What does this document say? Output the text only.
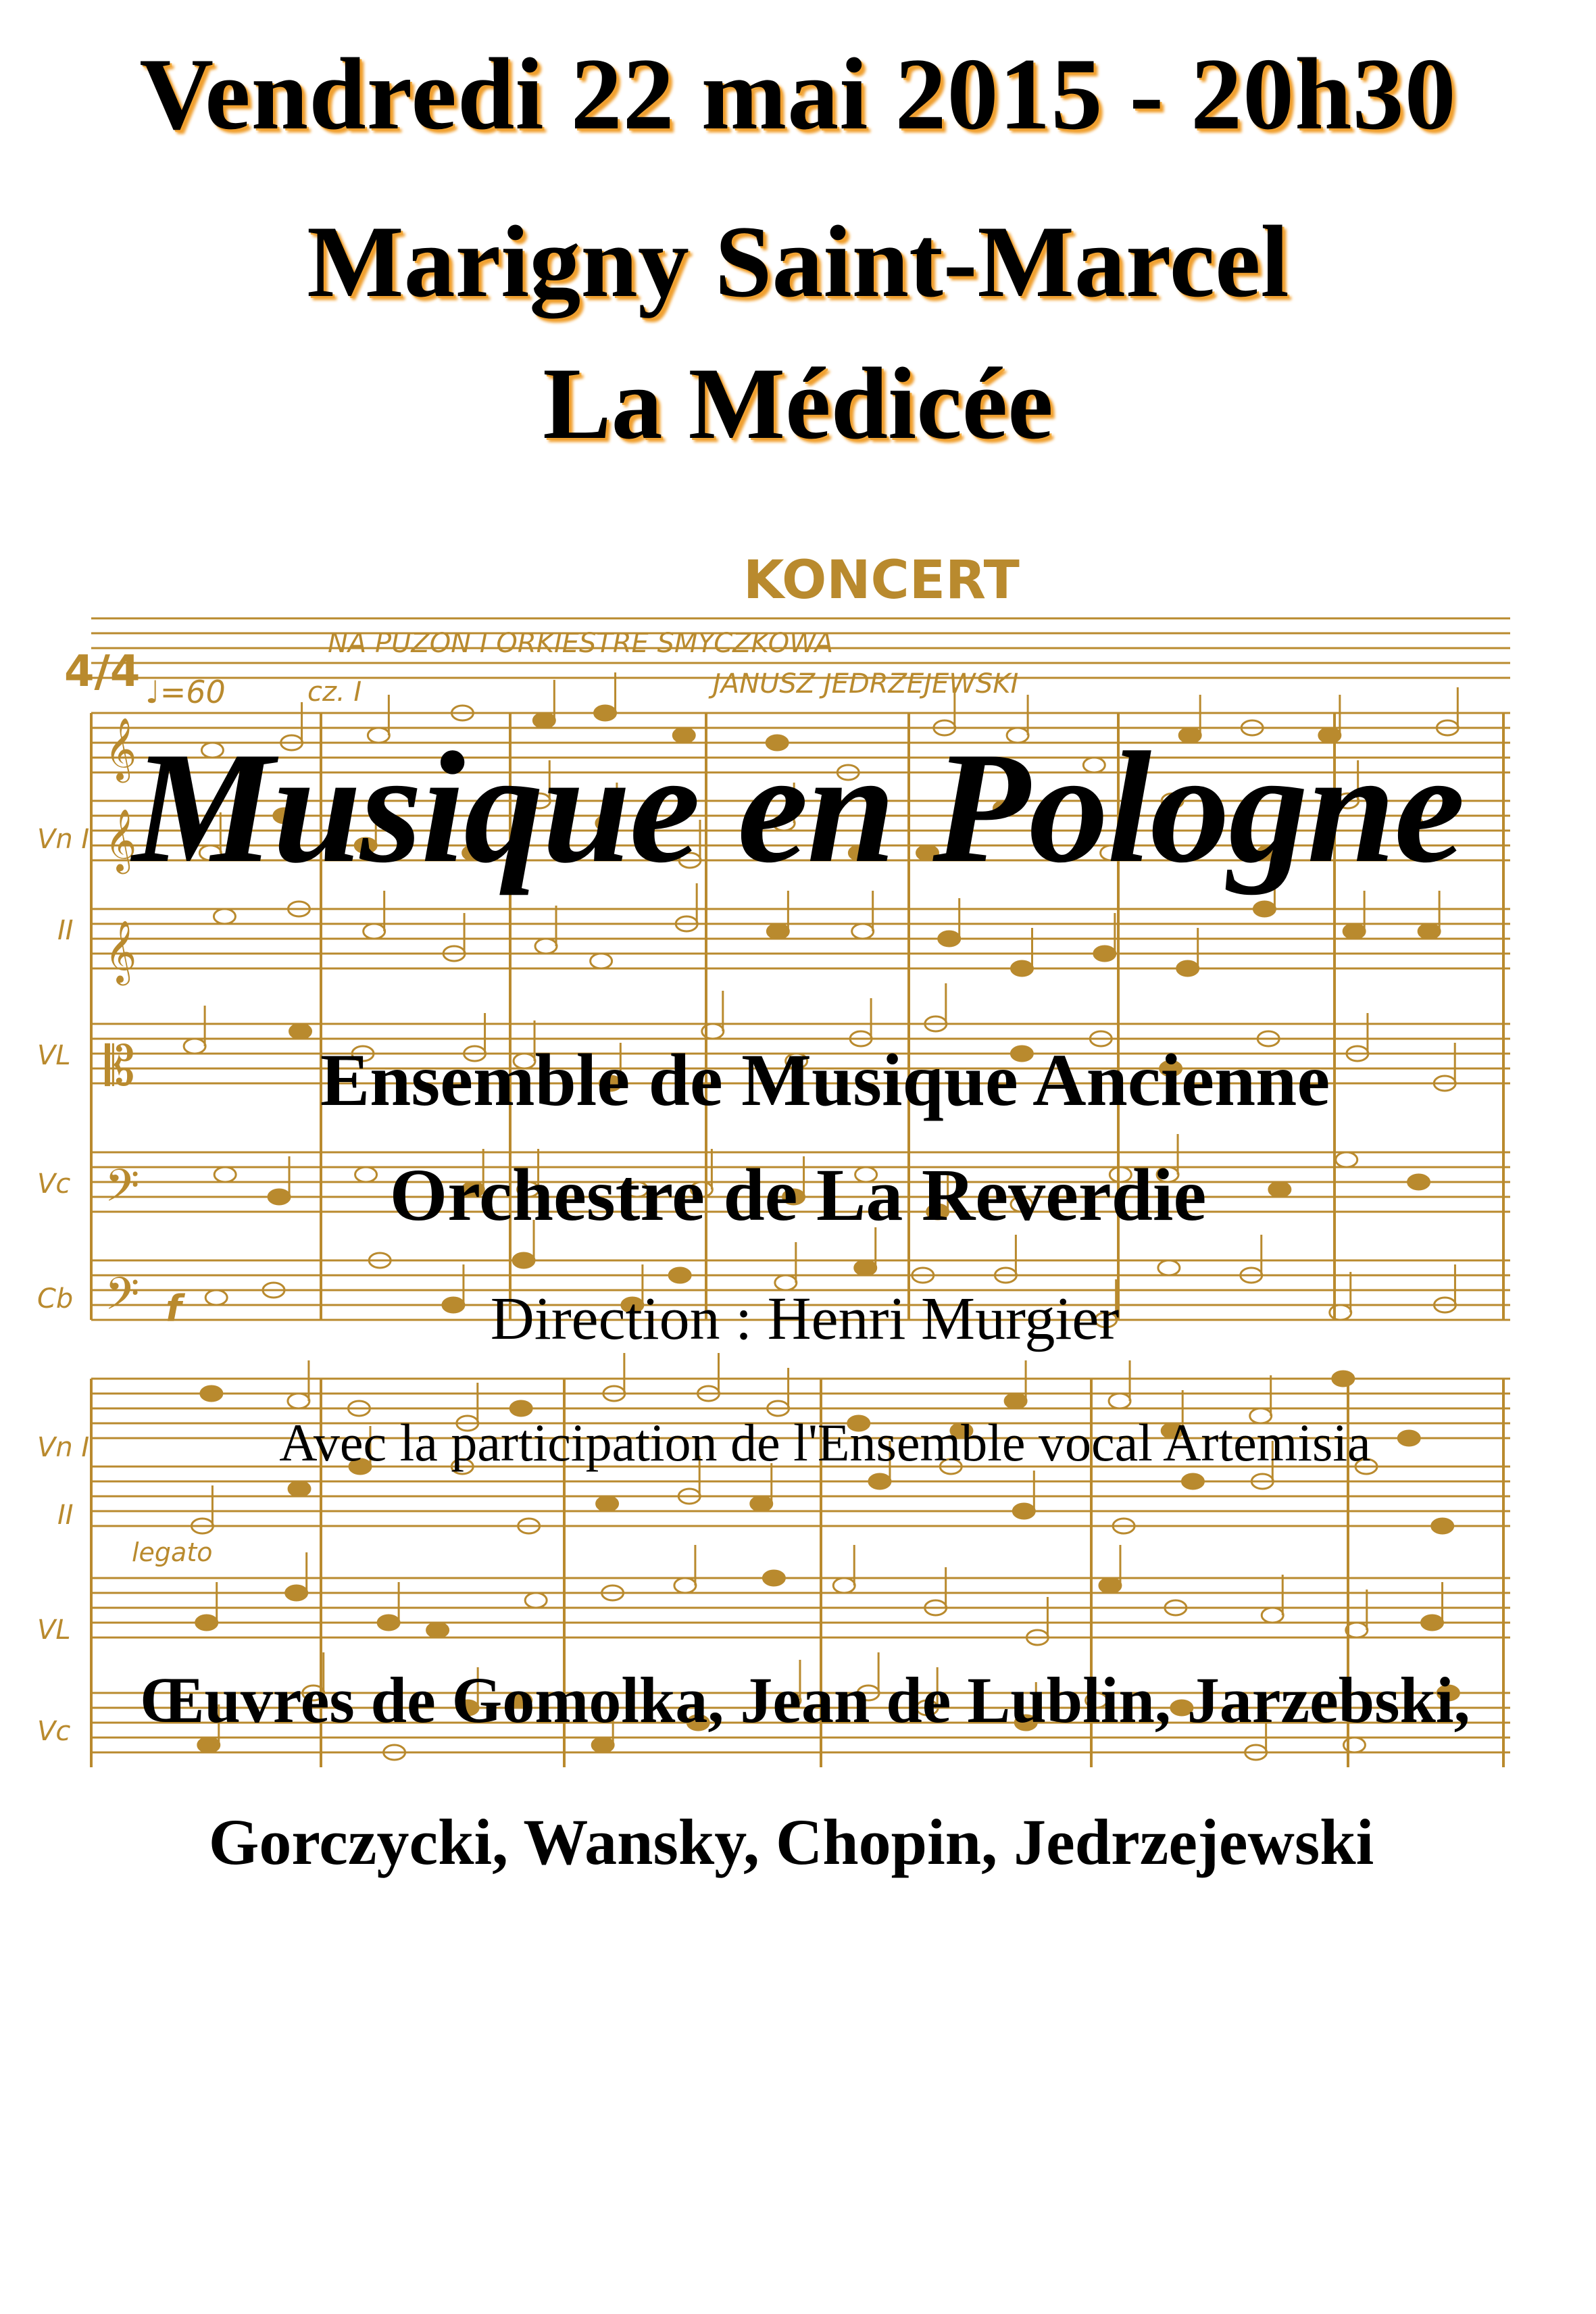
Vendredi 22 mai 2015 - 20h30
Marigny Saint-Marcel
La Médicée
KONCERT
NA PUZON I ORKIESTRE SMYCZKOWA
JANUSZ JEDRZEJEWSKI
♩=60	cz. I
4/4
Vn I
II
VL
Vc
Cb
Vn I
II
VL
Vc
legato
f
𝄞
𝄞
𝄞
𝄡
𝄢
𝄢
Musique en Pologne
Ensemble de Musique Ancienne
Orchestre de La Reverdie
Direction : Henri Murgier
Avec la participation de l'Ensemble vocal Artemisia
Œuvres de Gomolka, Jean de Lublin, Jarzebski,
Gorczycki, Wansky, Chopin, Jedrzejewski
